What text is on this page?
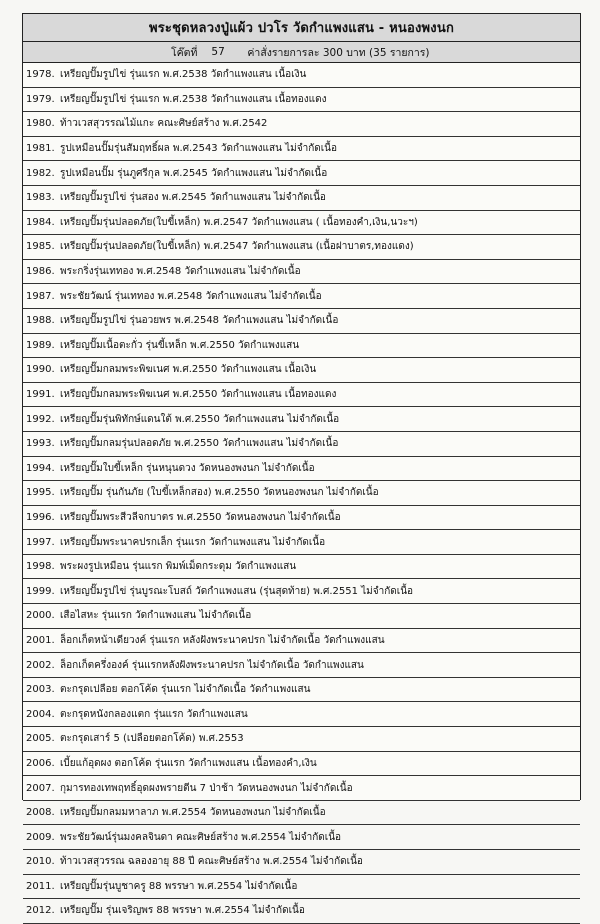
พระชุดหลวงปู่แผ้ว ปวโร วัดกำแพงแสน - หนองพงนก
โค๊ตที่ 57	ค่าสั่งรายการละ 300 บาท (35 รายการ)
1978. เหรียญปั๊มรูปไข่ รุ่นแรก พ.ศ.2538 วัดกำแพงแสน เนื้อเงิน
1979. เหรียญปั๊มรูปไข่ รุ่นแรก พ.ศ.2538 วัดกำแพงแสน เนื้อทองแดง
1980. ท้าวเวสสุวรรณไม้แกะ คณะศิษย์สร้าง พ.ศ.2542
1981. รูปเหมือนปั๊มรุ่นสัมฤทธิ์ผล พ.ศ.2543 วัดกำแพงแสน ไม่จำกัดเนื้อ
1982. รูปเหมือนปั๊ม รุ่นภูศรีกุล พ.ศ.2545 วัดกำแพงแสน ไม่จำกัดเนื้อ
1983. เหรียญปั๊มรูปไข่ รุ่นสอง พ.ศ.2545 วัดกำแพงแสน ไม่จำกัดเนื้อ
1984. เหรียญปั๊มรุ่นปลอดภัย(ใบขี้เหล็ก) พ.ศ.2547 วัดกำแพงแสน ( เนื้อทองคำ,เงิน,นวะฯ)
1985. เหรียญปั๊มรุ่นปลอดภัย(ใบขี้เหล็ก) พ.ศ.2547 วัดกำแพงแสน (เนื้อฝาบาตร,ทองแดง)
1986. พระกริ่งรุ่นเททอง พ.ศ.2548 วัดกำแพงแสน ไม่จำกัดเนื้อ
1987. พระชัยวัฒน์ รุ่นเททอง พ.ศ.2548 วัดกำแพงแสน ไม่จำกัดเนื้อ
1988. เหรียญปั๊มรูปไข่ รุ่นอวยพร พ.ศ.2548 วัดกำแพงแสน ไม่จำกัดเนื้อ
1989. เหรียญปั๊มเนื้อตะกั่ว รุ่นขี้เหล็ก พ.ศ.2550 วัดกำแพงแสน
1990. เหรียญปั๊มกลมพระพิฆเนศ พ.ศ.2550 วัดกำแพงแสน เนื้อเงิน
1991. เหรียญปั๊มกลมพระพิฆเนศ พ.ศ.2550 วัดกำแพงแสน เนื้อทองแดง
1992. เหรียญปั๊มรุ่นพิทักษ์แดนใต้ พ.ศ.2550 วัดกำแพงแสน ไม่จำกัดเนื้อ
1993. เหรียญปั๊มกลมรุ่นปลอดภัย พ.ศ.2550 วัดกำแพงแสน ไม่จำกัดเนื้อ
1994. เหรียญปั๊มใบขี้เหล็ก รุ่นหนุนดวง วัดหนองพงนก ไม่จำกัดเนื้อ
1995. เหรียญปั๊ม รุ่นกันภัย (ใบขี้เหล็กสอง) พ.ศ.2550 วัดหนองพงนก ไม่จำกัดเนื้อ
1996. เหรียญปั๊มพระสีวลีจกบาตร พ.ศ.2550 วัดหนองพงนก ไม่จำกัดเนื้อ
1997. เหรียญปั๊มพระนาคปรกเล็ก รุ่นแรก วัดกำแพงแสน ไม่จำกัดเนื้อ
1998. พระผงรูปเหมือน รุ่นแรก พิมพ์เม็ดกระดุม วัดกำแพงแสน
1999. เหรียญปั๊มรูปไข่ รุ่นบูรณะโบสถ์ วัดกำแพงแสน (รุ่นสุดท้าย) พ.ศ.2551 ไม่จำกัดเนื้อ
2000. เสือไสหะ รุ่นแรก วัดกำแพงแสน ไม่จำกัดเนื้อ
2001. ล็อกเก็ตหน้าเดียวงค์ รุ่นแรก หลังฝังพระนาคปรก ไม่จำกัดเนื้อ วัดกำแพงแสน
2002. ล็อกเก็ตครึ่งองค์ รุ่นแรกหลังฝังพระนาคปรก ไม่จำกัดเนื้อ วัดกำแพงแสน
2003. ตะกรุดเปลือย ตอกโค้ด รุ่นแรก ไม่จำกัดเนื้อ วัดกำแพงแสน
2004. ตะกรุดหนังกลองแตก รุ่นแรก วัดกำแพงแสน
2005. ตะกรุดเสาร์ 5 (เปลือยตอกโค้ด) พ.ศ.2553
2006. เบี้ยแก้อุดผง ตอกโค้ด รุ่นแรก วัดกำแพงแสน เนื้อทองคำ,เงิน
2007. กุมารทองเทพฤทธิ์อุดผงพรายตีน 7 ป่าช้า วัดหนองพงนก ไม่จำกัดเนื้อ
2008. เหรียญปั๊มกลมมหาลาภ พ.ศ.2554 วัดหนองพงนก ไม่จำกัดเนื้อ
2009. พระชัยวัฒน์รุ่นมงคลจินดา คณะศิษย์สร้าง พ.ศ.2554 ไม่จำกัดเนื้อ
2010. ท้าวเวสสุวรรณ ฉลองอายุ 88 ปี คณะศิษย์สร้าง พ.ศ.2554 ไม่จำกัดเนื้อ
2011. เหรียญปั๊มรุ่นบูชาครู 88 พรรษา พ.ศ.2554 ไม่จำกัดเนื้อ
2012. เหรียญปั๊ม รุ่นเจริญพร 88 พรรษา พ.ศ.2554 ไม่จำกัดเนื้อ
